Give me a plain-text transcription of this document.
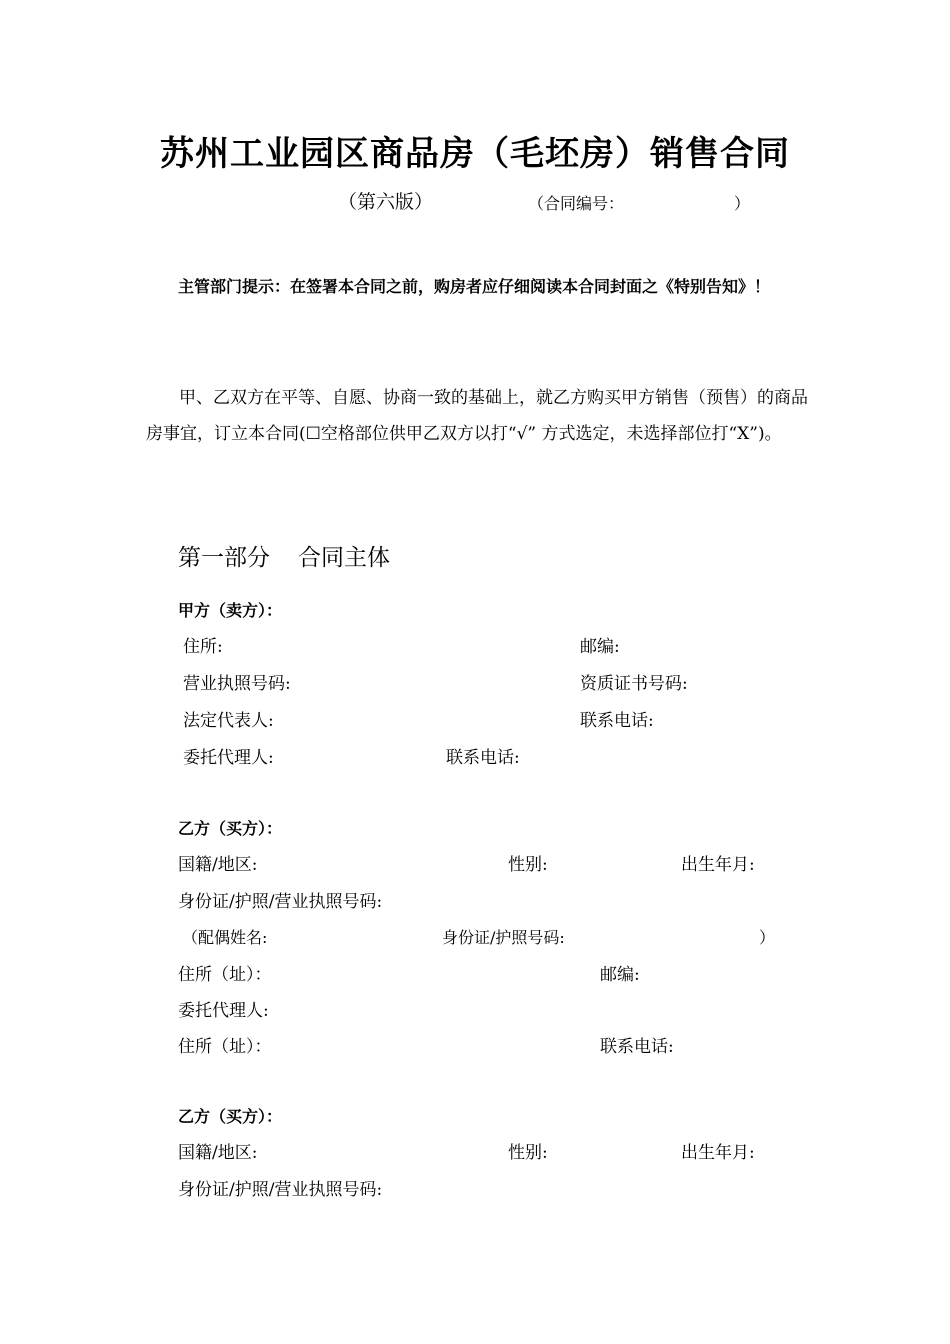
苏州工业园区商品房（毛坯房）销售合同
（第六版）	（合同编号：	）
主管部门提示：在签署本合同之前，购房者应仔细阅读本合同封面之《特别告知》！
甲、乙双方在平等、自愿、协商一致的基础上，就乙方购买甲方销售（预售）的商品房事宜，订立本合同(☐空格部位供甲乙双方以打“√” 方式选定，未选择部位打“X”)。
第一部分 合同主体
甲方（卖方）：
住所:	邮编:
营业执照号码:	资质证书号码:
法定代表人:	联系电话:
委托代理人:	联系电话:
乙方（买方）：
国籍/地区:	性别:	出生年月:
身份证/护照/营业执照号码:
（配偶姓名:	身份证/护照号码:	）
住所（址）：	邮编:
委托代理人:
住所（址）：	联系电话:
乙方（买方）：
国籍/地区:	性别:	出生年月:
身份证/护照/营业执照号码:
